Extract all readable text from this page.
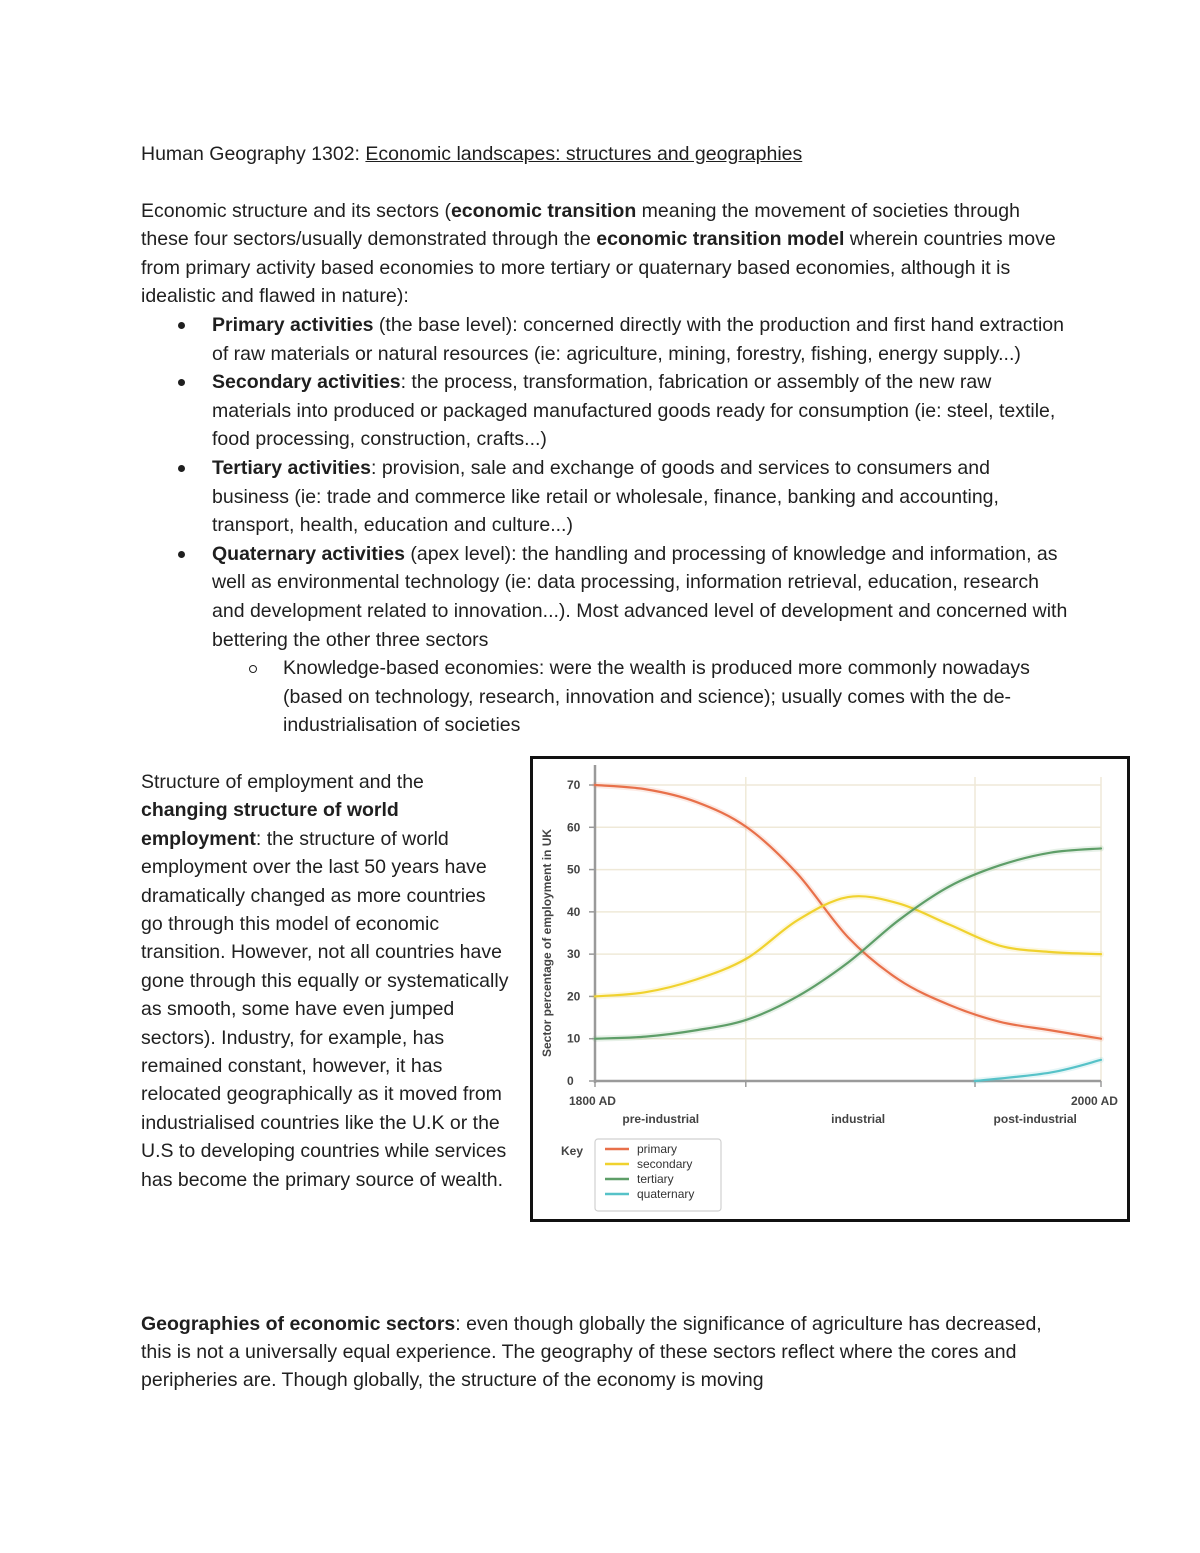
Human Geography 1302: Economic landscapes: structures and geographies

Economic structure and its sectors (economic transition meaning the movement of societies through these four sectors/usually demonstrated through the economic transition model wherein countries move from primary activity based economies to more tertiary or quaternary based economies, although it is idealistic and flawed in nature):

Primary activities (the base level): concerned directly with the production and first hand extraction of raw materials or natural resources (ie: agriculture, mining, forestry, fishing, energy supply...)
Secondary activities: the process, transformation, fabrication or assembly of the new raw materials into produced or packaged manufactured goods ready for consumption (ie: steel, textile, food processing, construction, crafts...)
Tertiary activities: provision, sale and exchange of goods and services to consumers and business (ie: trade and commerce like retail or wholesale, finance, banking and accounting, transport, health, education and culture...)
Quaternary activities (apex level): the handling and processing of knowledge and information, as well as environmental technology (ie: data processing, information retrieval, education, research and development related to innovation...). Most advanced level of development and concerned with bettering the other three sectors
Knowledge-based economies: were the wealth is produced more commonly nowadays (based on technology, research, innovation and science); usually comes with the de-industrialisation of societies
Structure of employment and the changing structure of world employment: the structure of world employment over the last 50 years have dramatically changed as more countries go through this model of economic transition. However, not all countries have gone through this equally or systematically as smooth, some have even jumped sectors). Industry, for example, has remained constant, however, it has relocated geographically as it moved from industrialised countries like the U.K or the U.S to developing countries while services has become the primary source of wealth.
0
10
20
30
40
50
60
70
Sector percentage of employment in UK
1800 AD	2000 AD
pre-industrial	industrial	post-industrial
Key	primary
secondary
tertiary
quaternary
Geographies of economic sectors: even though globally the significance of agriculture has decreased, this is not a universally equal experience. The geography of these sectors reflect where the cores and peripheries are. Though globally, the structure of the economy is moving
